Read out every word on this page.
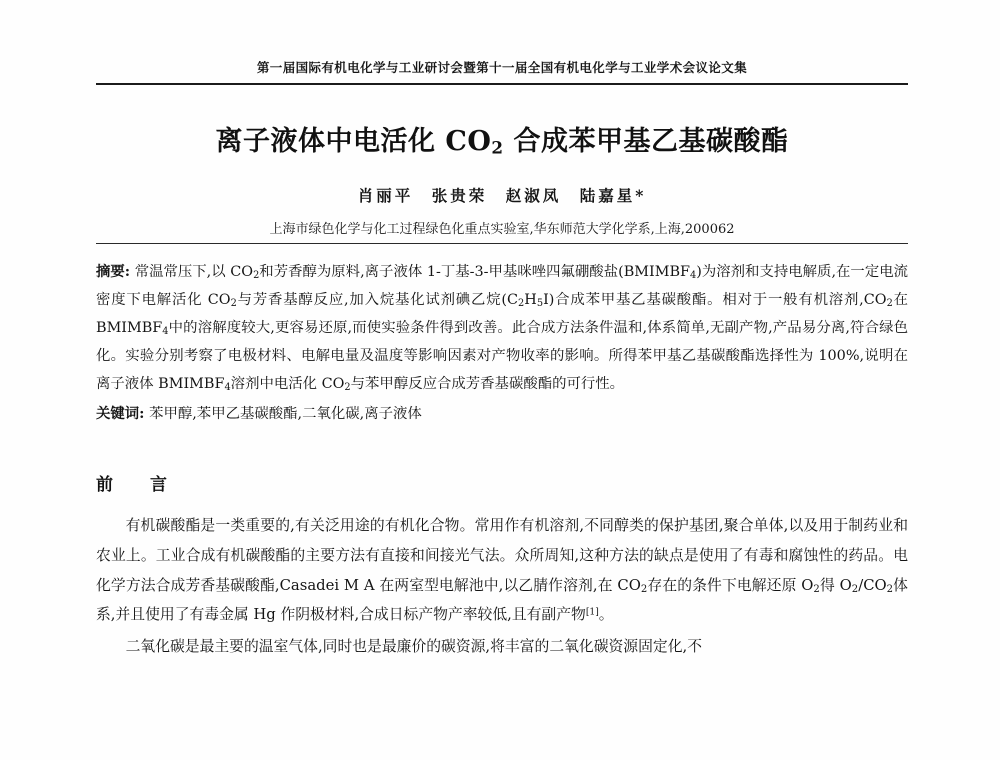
第一届国际有机电化学与工业研讨会暨第十一届全国有机电化学与工业学术会议论文集
离子液体中电活化 $CO_2$ 合成苯甲基乙基碳酸酯
肖丽平　张贵荣　赵淑凤　陆嘉星*
上海市绿色化学与化工过程绿色化重点实验室,华东师范大学化学系,上海,200062
摘要: 常温常压下,以 $CO_2$和芳香醇为原料,离子液体 1-丁基-3-甲基咪唑四氟硼酸盐$(BMIMBF_4)$为溶剂和支持电解质,在一定电流密度下电解活化 $CO_2$与芳香基醇反应,加入烷基化试剂碘乙烷$(C_2H_5I)$合成苯甲基乙基碳酸酯。相对于一般有机溶剂$,CO_2$在 $BMIMBF_4$中的溶解度较大,更容易还原,而使实验条件得到改善。此合成方法条件温和,体系简单,无副产物,产品易分离,符合绿色化。实验分别考察了电极材料、电解电量及温度等影响因素对产物收率的影响。所得苯甲基乙基碳酸酯选择性为 100%,说明在离子液体 $BMIMBF_4$溶剂中电活化 $CO_2$与苯甲醇反应合成芳香基碳酸酯的可行性。
关键词: 苯甲醇,苯甲乙基碳酸酯,二氧化碳,离子液体
前　言

有机碳酸酯是一类重要的,有关泛用途的有机化合物。常用作有机溶剂,不同醇类的保护基团,聚合单体,以及用于制药业和农业上。工业合成有机碳酸酯的主要方法有直接和间接光气法。众所周知,这种方法的缺点是使用了有毒和腐蚀性的药品。电化学方法合成芳香基碳酸酯,Casadei M A 在两室型电解池中,以乙腈作溶剂,在 $CO_2$存在的条件下电解还原 $O_2$得 $O_2/CO_2$体系,并且使用了有毒金属 Hg 作阴极材料,合成日标产物产率较低,且有副产物[1]。

二氧化碳是最主要的温室气体,同时也是最廉价的碳资源,将丰富的二氧化碳资源固定化,不
